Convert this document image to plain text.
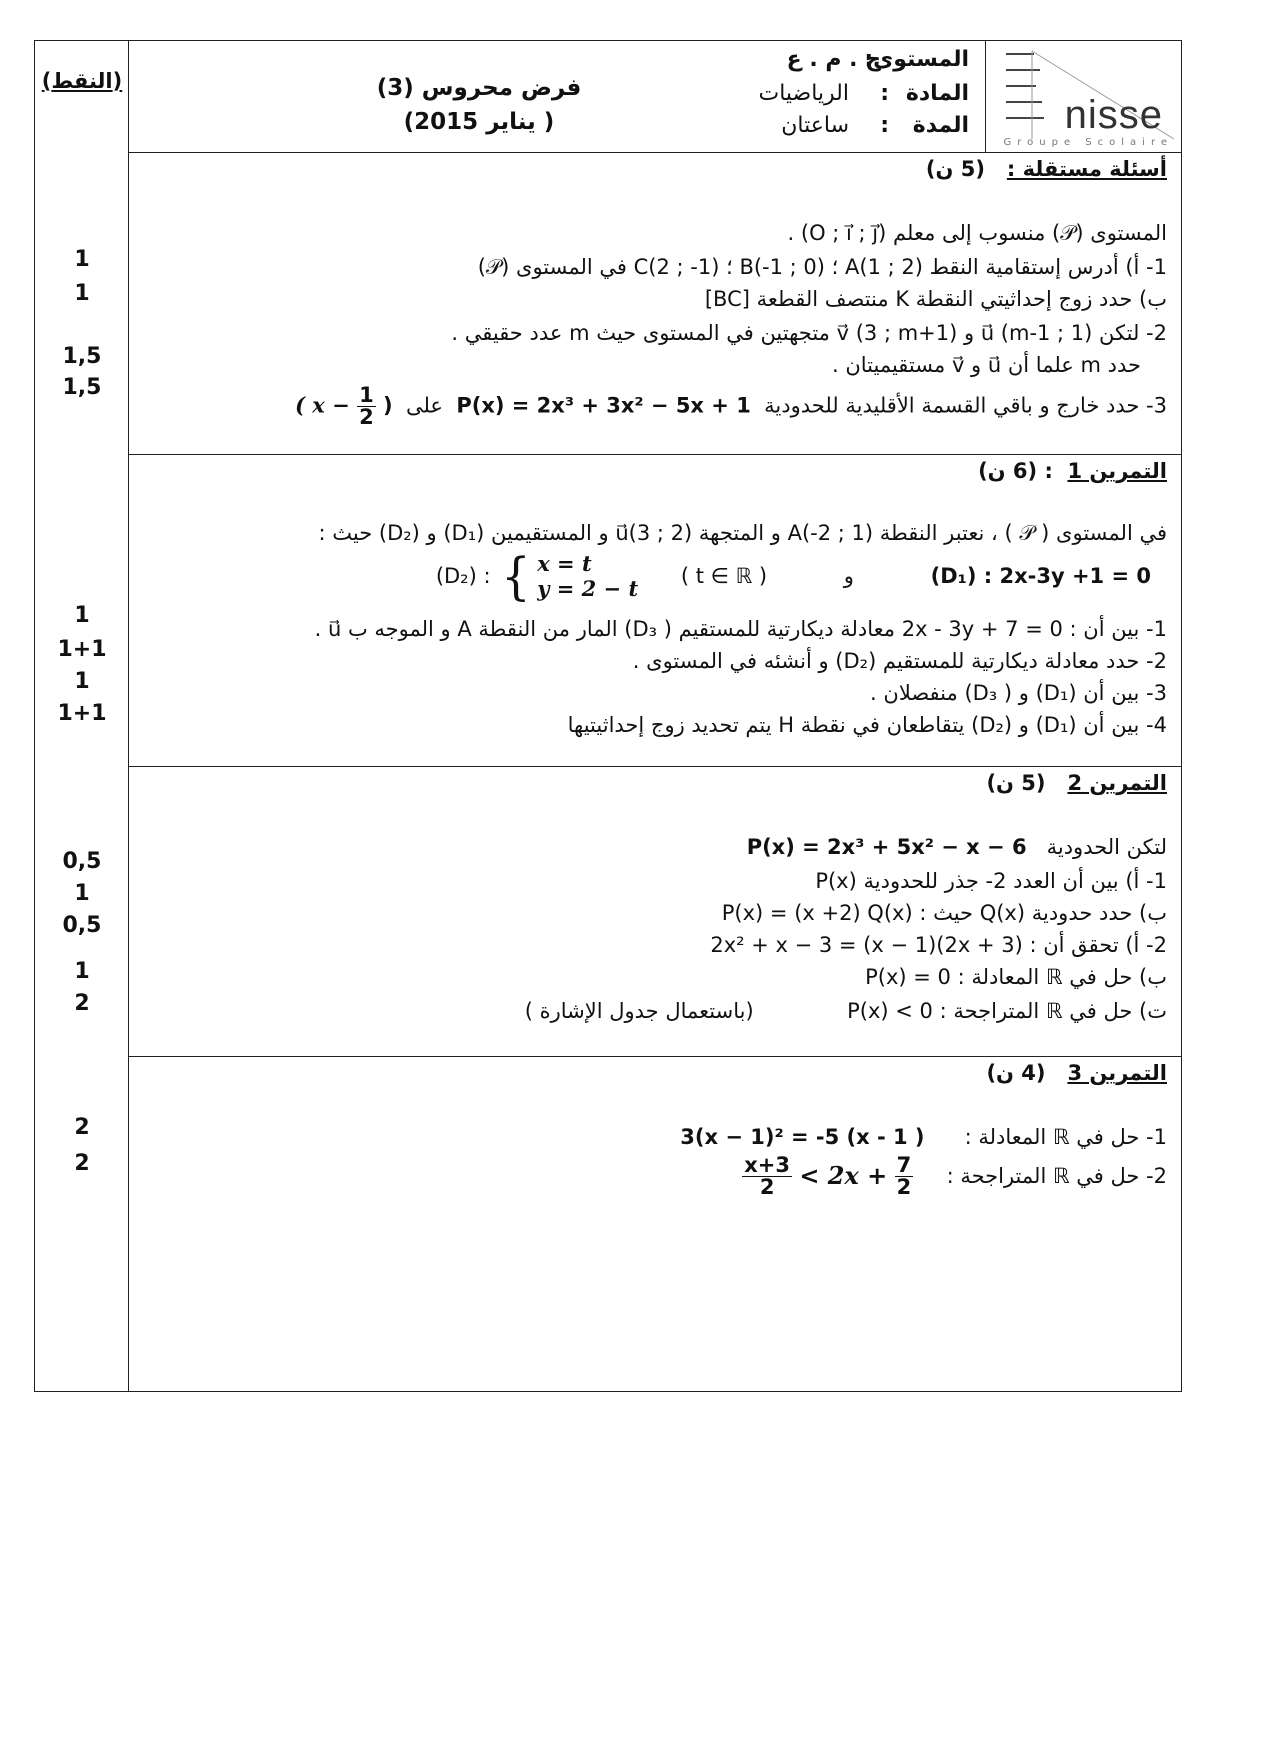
(النقط)
1
1
1,5
1,5
1
1+1
1
1+1
0,5
1
0,5
1
2
2
2
nisse
Groupe Scolaire
المستوى:
ج . م . ع
المادة
:
الرياضيات
المدة
:
ساعتان
فرض محروس (3)
( يناير 2015)
أسئلة مستقلة :   (5 ن)
المستوى (𝒫) منسوب إلى معلم (O ; i⃗ ; j⃗) .
1- أ) أدرس إستقامية النقط A(1 ; 2) ؛ B(-1 ; 0) ؛ C(2 ; -1) في المستوى (𝒫)
ب) حدد زوج إحداثيتي النقطة K منتصف القطعة [BC]
2- لتكن u⃗ (m-1 ; 1) و v⃗ (3 ; m+1) متجهتين في المستوى حيث m عدد حقيقي .
حدد m علما أن u⃗ و v⃗ مستقيميتان .
3- حدد خارج و باقي القسمة الأقليدية للحدودية  P(x) = 2x³ + 3x² − 5x + 1  على  ( $x - \frac{1}{2}$ )
التمرين 1  : (6 ن)
في المستوى ( 𝒫 ) ، نعتبر النقطة A(-2 ; 1) و المتجهة u⃗(3 ; 2) و المستقيمين (D₁) و (D₂) حيث :
(D₂) : { x = t
y = 2 − t ( t ∈ ℝ )	و	(D₁) : 2x-3y +1 = 0
1- بين أن : 2x - 3y + 7 = 0 معادلة ديكارتية للمستقيم ( D₃) المار من النقطة A و الموجه ب u⃗ .
2- حدد معادلة ديكارتية للمستقيم (D₂) و أنشئه في المستوى .
3- بين أن (D₁) و ( D₃) منفصلان .
4- بين أن (D₁) و (D₂) يتقاطعان في نقطة H يتم تحديد زوج إحداثيتيها
التمرين 2   (5 ن)
لتكن الحدودية   P(x) = 2x³ + 5x² − x − 6
1- أ) بين أن العدد 2- جذر للحدودية P(x)
ب) حدد حدودية Q(x) حيث : P(x) = (x +2) Q(x)
2- أ) تحقق أن : 2x² + x − 3 = (x − 1)(2x + 3)
ب) حل في ℝ المعادلة : P(x) = 0
ت) حل في ℝ المتراجحة : P(x) < 0              (باستعمال جدول الإشارة )
التمرين 3   (4 ن)
1- حل في ℝ المعادلة :      3(x − 1)² = -5 (x - 1 )
2- حل في ℝ المتراجحة :
$\frac{x+3}{2} < 2x + \frac{7}{2}$
